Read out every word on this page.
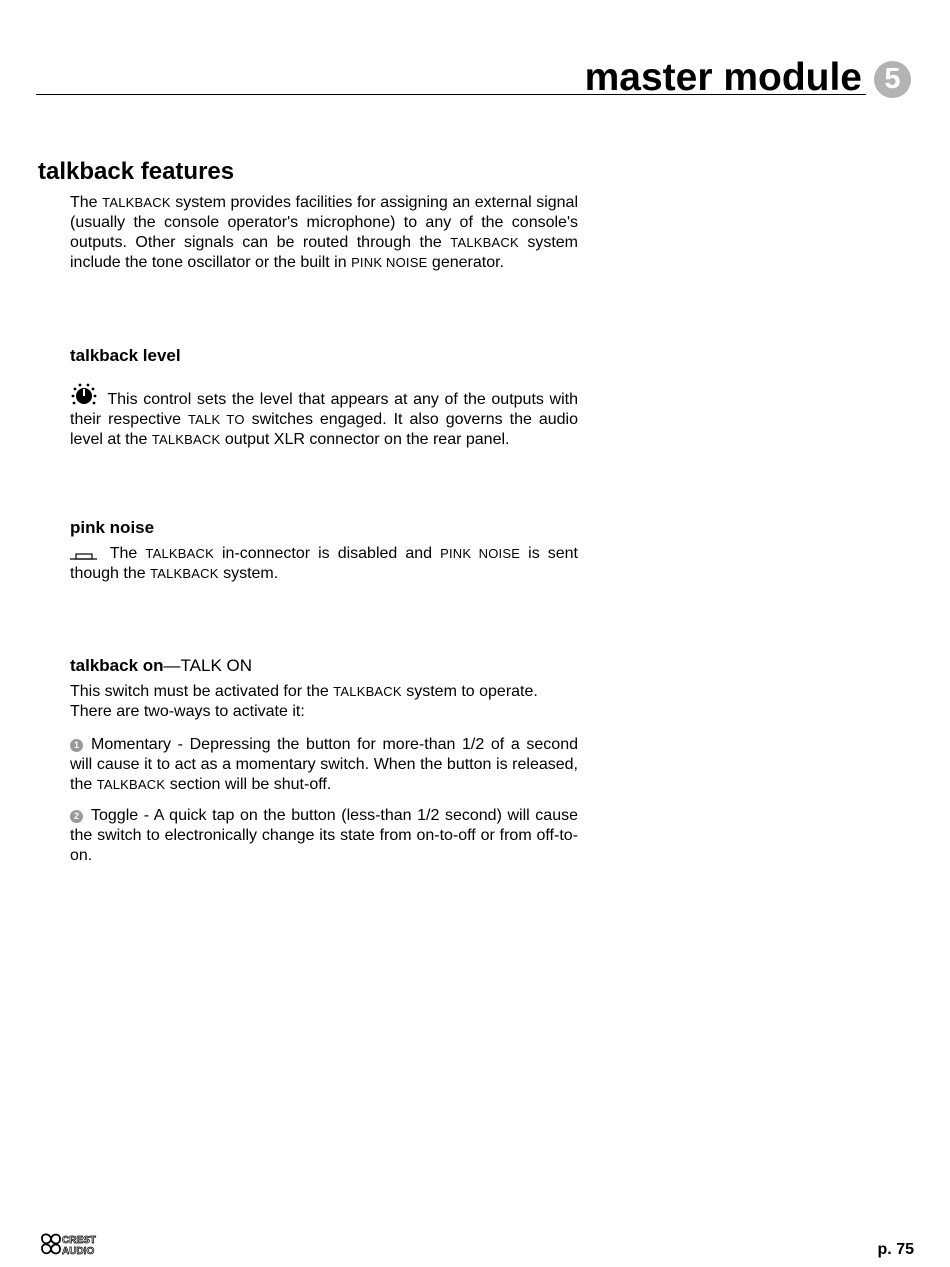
master module 5
talkback features

The TALKBACK system provides facilities for assigning an external signal (usually the console operator's microphone) to any of the console's outputs. Other signals can be routed through the TALKBACK system include the tone oscillator or the built in PINK NOISE generator.

talkback level

This control sets the level that appears at any of the outputs with their respective TALK TO switches engaged. It also governs the audio level at the TALKBACK output XLR connector on the rear panel.

pink noise

The TALKBACK in-connector is disabled and PINK NOISE is sent though the TALKBACK system.

talkback on—TALK ON

This switch must be activated for the TALKBACK system to operate.

There are two-ways to activate it:

1 Momentary - Depressing the button for more-than 1/2 of a second will cause it to act as a momentary switch. When the button is released, the TALKBACK section will be shut-off.

2 Toggle - A quick tap on the button (less-than 1/2 second) will cause the switch to electronically change its state from on-to-off or from off-to-on.

CREST
AUDIO	p. 75
